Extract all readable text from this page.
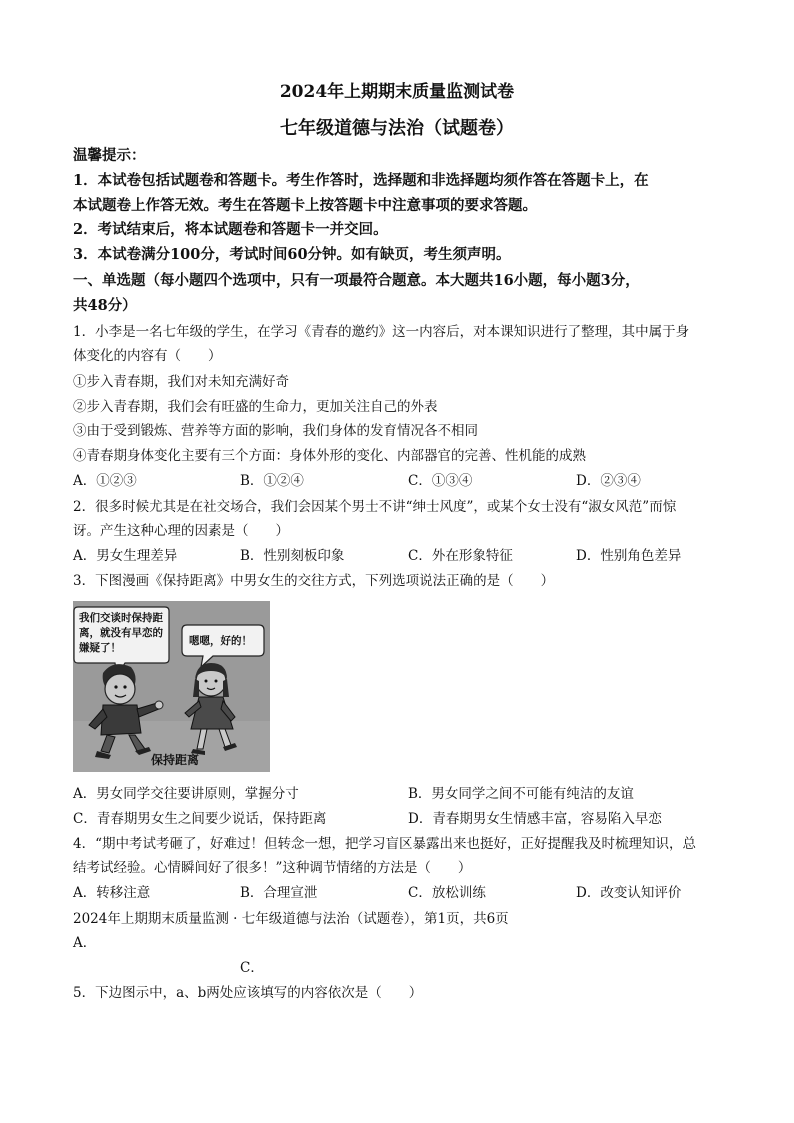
2024年上期期末质量监测试卷
七年级道德与法治（试题卷）
温馨提示：
1．本试卷包括试题卷和答题卡。考生作答时，选择题和非选择题均须作答在答题卡上，在
本试题卷上作答无效。考生在答题卡上按答题卡中注意事项的要求答题。
2．考试结束后，将本试题卷和答题卡一并交回。
3．本试卷满分100分，考试时间60分钟。如有缺页，考生须声明。
一、单选题（每小题四个选项中，只有一项最符合题意。本大题共16小题，每小题3分，
共48分）
1．小李是一名七年级的学生，在学习《青春的邀约》这一内容后，对本课知识进行了整理，其中属于身
体变化的内容有（　　）
①步入青春期，我们对未知充满好奇
②步入青春期，我们会有旺盛的生命力，更加关注自己的外表
③由于受到锻炼、营养等方面的影响，我们身体的发育情况各不相同
④青春期身体变化主要有三个方面：身体外形的变化、内部器官的完善、性机能的成熟
A．①②③	B．①②④	C．①③④	D．②③④
2．很多时候尤其是在社交场合，我们会因某个男士不讲“绅士风度”，或某个女士没有“淑女风范”而惊
讶。产生这种心理的因素是（　　）
A．男女生理差异	B．性别刻板印象	C．外在形象特征	D．性别角色差异
3．下图漫画《保持距离》中男女生的交往方式，下列选项说法正确的是（　　）
我们交谈时保持距
离，就没有早恋的
嫌疑了！
嗯嗯，好的！
保持距离
A．男女同学交往要讲原则，掌握分寸	B．男女同学之间不可能有纯洁的友谊
C．青春期男女生之间要少说话，保持距离	D．青春期男女生情感丰富，容易陷入早恋
4．“期中考试考砸了，好难过！但转念一想，把学习盲区暴露出来也挺好，正好提醒我及时梳理知识，总
结考试经验。心情瞬间好了很多！”这种调节情绪的方法是（　　）
A．转移注意	B．合理宣泄	C．放松训练	D．改变认知评价
2024年上期期末质量监测 · 七年级道德与法治（试题卷），第1页，共6页
A．
C．
5．下边图示中，a、b两处应该填写的内容依次是（　　）
